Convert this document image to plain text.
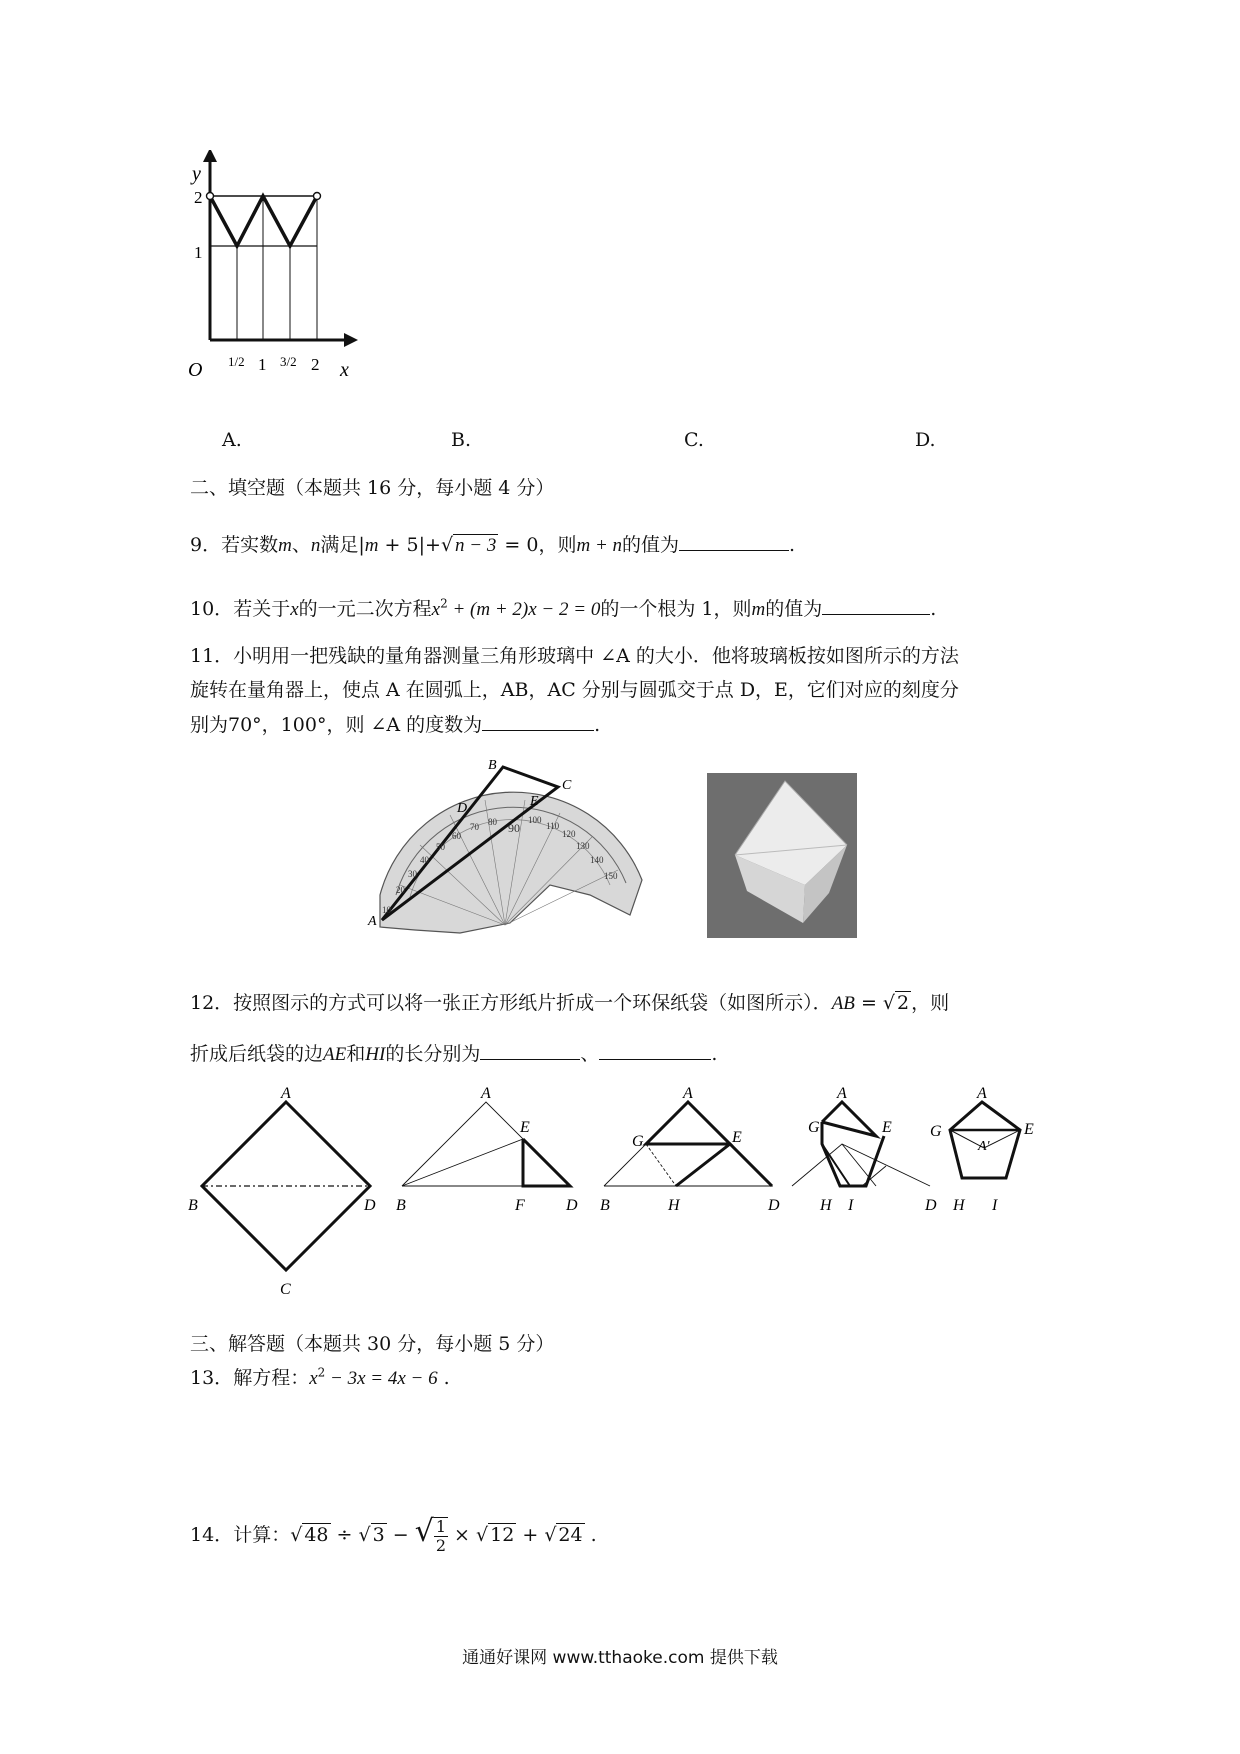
y
x
O
2
1
1/2 1 3/2 2
A.	B.	C.	D.
二、填空题（本题共 16 分，每小题 4 分）
9．若实数m、n满足|m + 5|+√ n − 3 = 0，则m + n的值为	.
10．若关于x的一元二次方程$x^2 + (m + 2)x - 2 = 0$的一个根为 1，则m的值为	.
11．小明用一把残缺的量角器测量三角形玻璃中 ∠A 的大小．他将玻璃板按如图所示的方法
旋转在量角器上，使点 A 在圆弧上，AB，AC 分别与圆弧交于点 D，E，它们对应的刻度分
别为70°，100°，则 ∠A 的度数为	.
B
C
D	E
A
90
80
70
100
110
120
130
140
150
60
50
40
30
20
10
12．按照图示的方式可以将一张正方形纸片折成一个环保纸袋（如图所示）．AB = √ 2 ，则
折成后纸袋的边AE和HI的长分别为	、	.
A
B	D
C
A
E
B	F	D
A
G	E
B	H	D
A
G	E
H I	D
A
G	E
A'
H I
三、解答题（本题共 30 分，每小题 5 分）
13．解方程：$x^2 - 3x = 4x - 6$ .
14．计算：√ 48 ÷ √ 3 − √ $\frac{1}{2}$ × √ 12 + √ 24 .
通通好课网 www.tthaoke.com 提供下载
